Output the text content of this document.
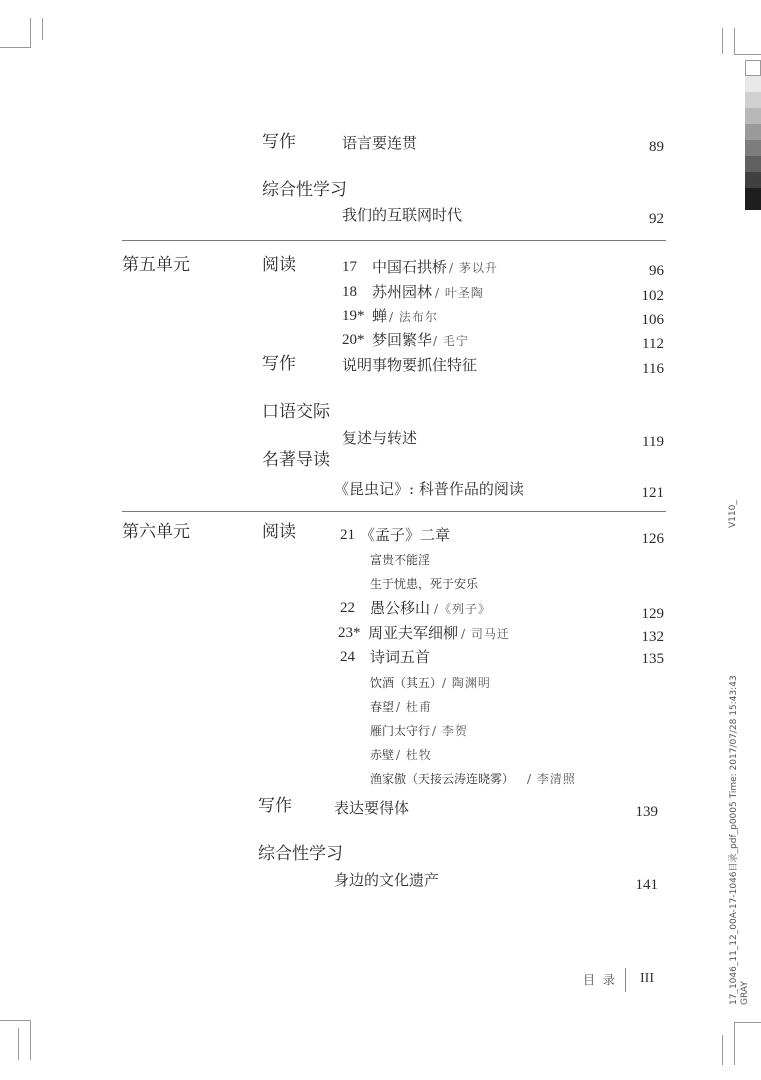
V110_
17_1046_11_12_00A-17-1046目录_pdf_p0005 Time: 2017/07/28 15:43:43 GRAY
写作	语言要连贯	89
综合性学习
我们的互联网时代	92
第五单元	阅读	17 中国石拱桥 / 茅以升	96
18 苏州园林 / 叶圣陶	102
19* 蝉 / 法布尔	106
20* 梦回繁华 / 毛宁	112
写作	说明事物要抓住特征	116
口语交际
复述与转述	119
名著导读
《昆虫记》: 科普作品的阅读	121
第六单元	阅读	21 《孟子》二章	126
富贵不能淫
生于忧患，死于安乐
22 愚公移山 /《列子》	129
23* 周亚夫军细柳 / 司马迁	132
24 诗词五首	135
饮酒（其五） / 陶渊明
春望 / 杜甫
雁门太守行 / 李贺
赤壁 / 杜牧
渔家傲（天接云涛连晓雾） / 李清照
写作	表达要得体	139
综合性学习
身边的文化遗产	141
目 录 III
